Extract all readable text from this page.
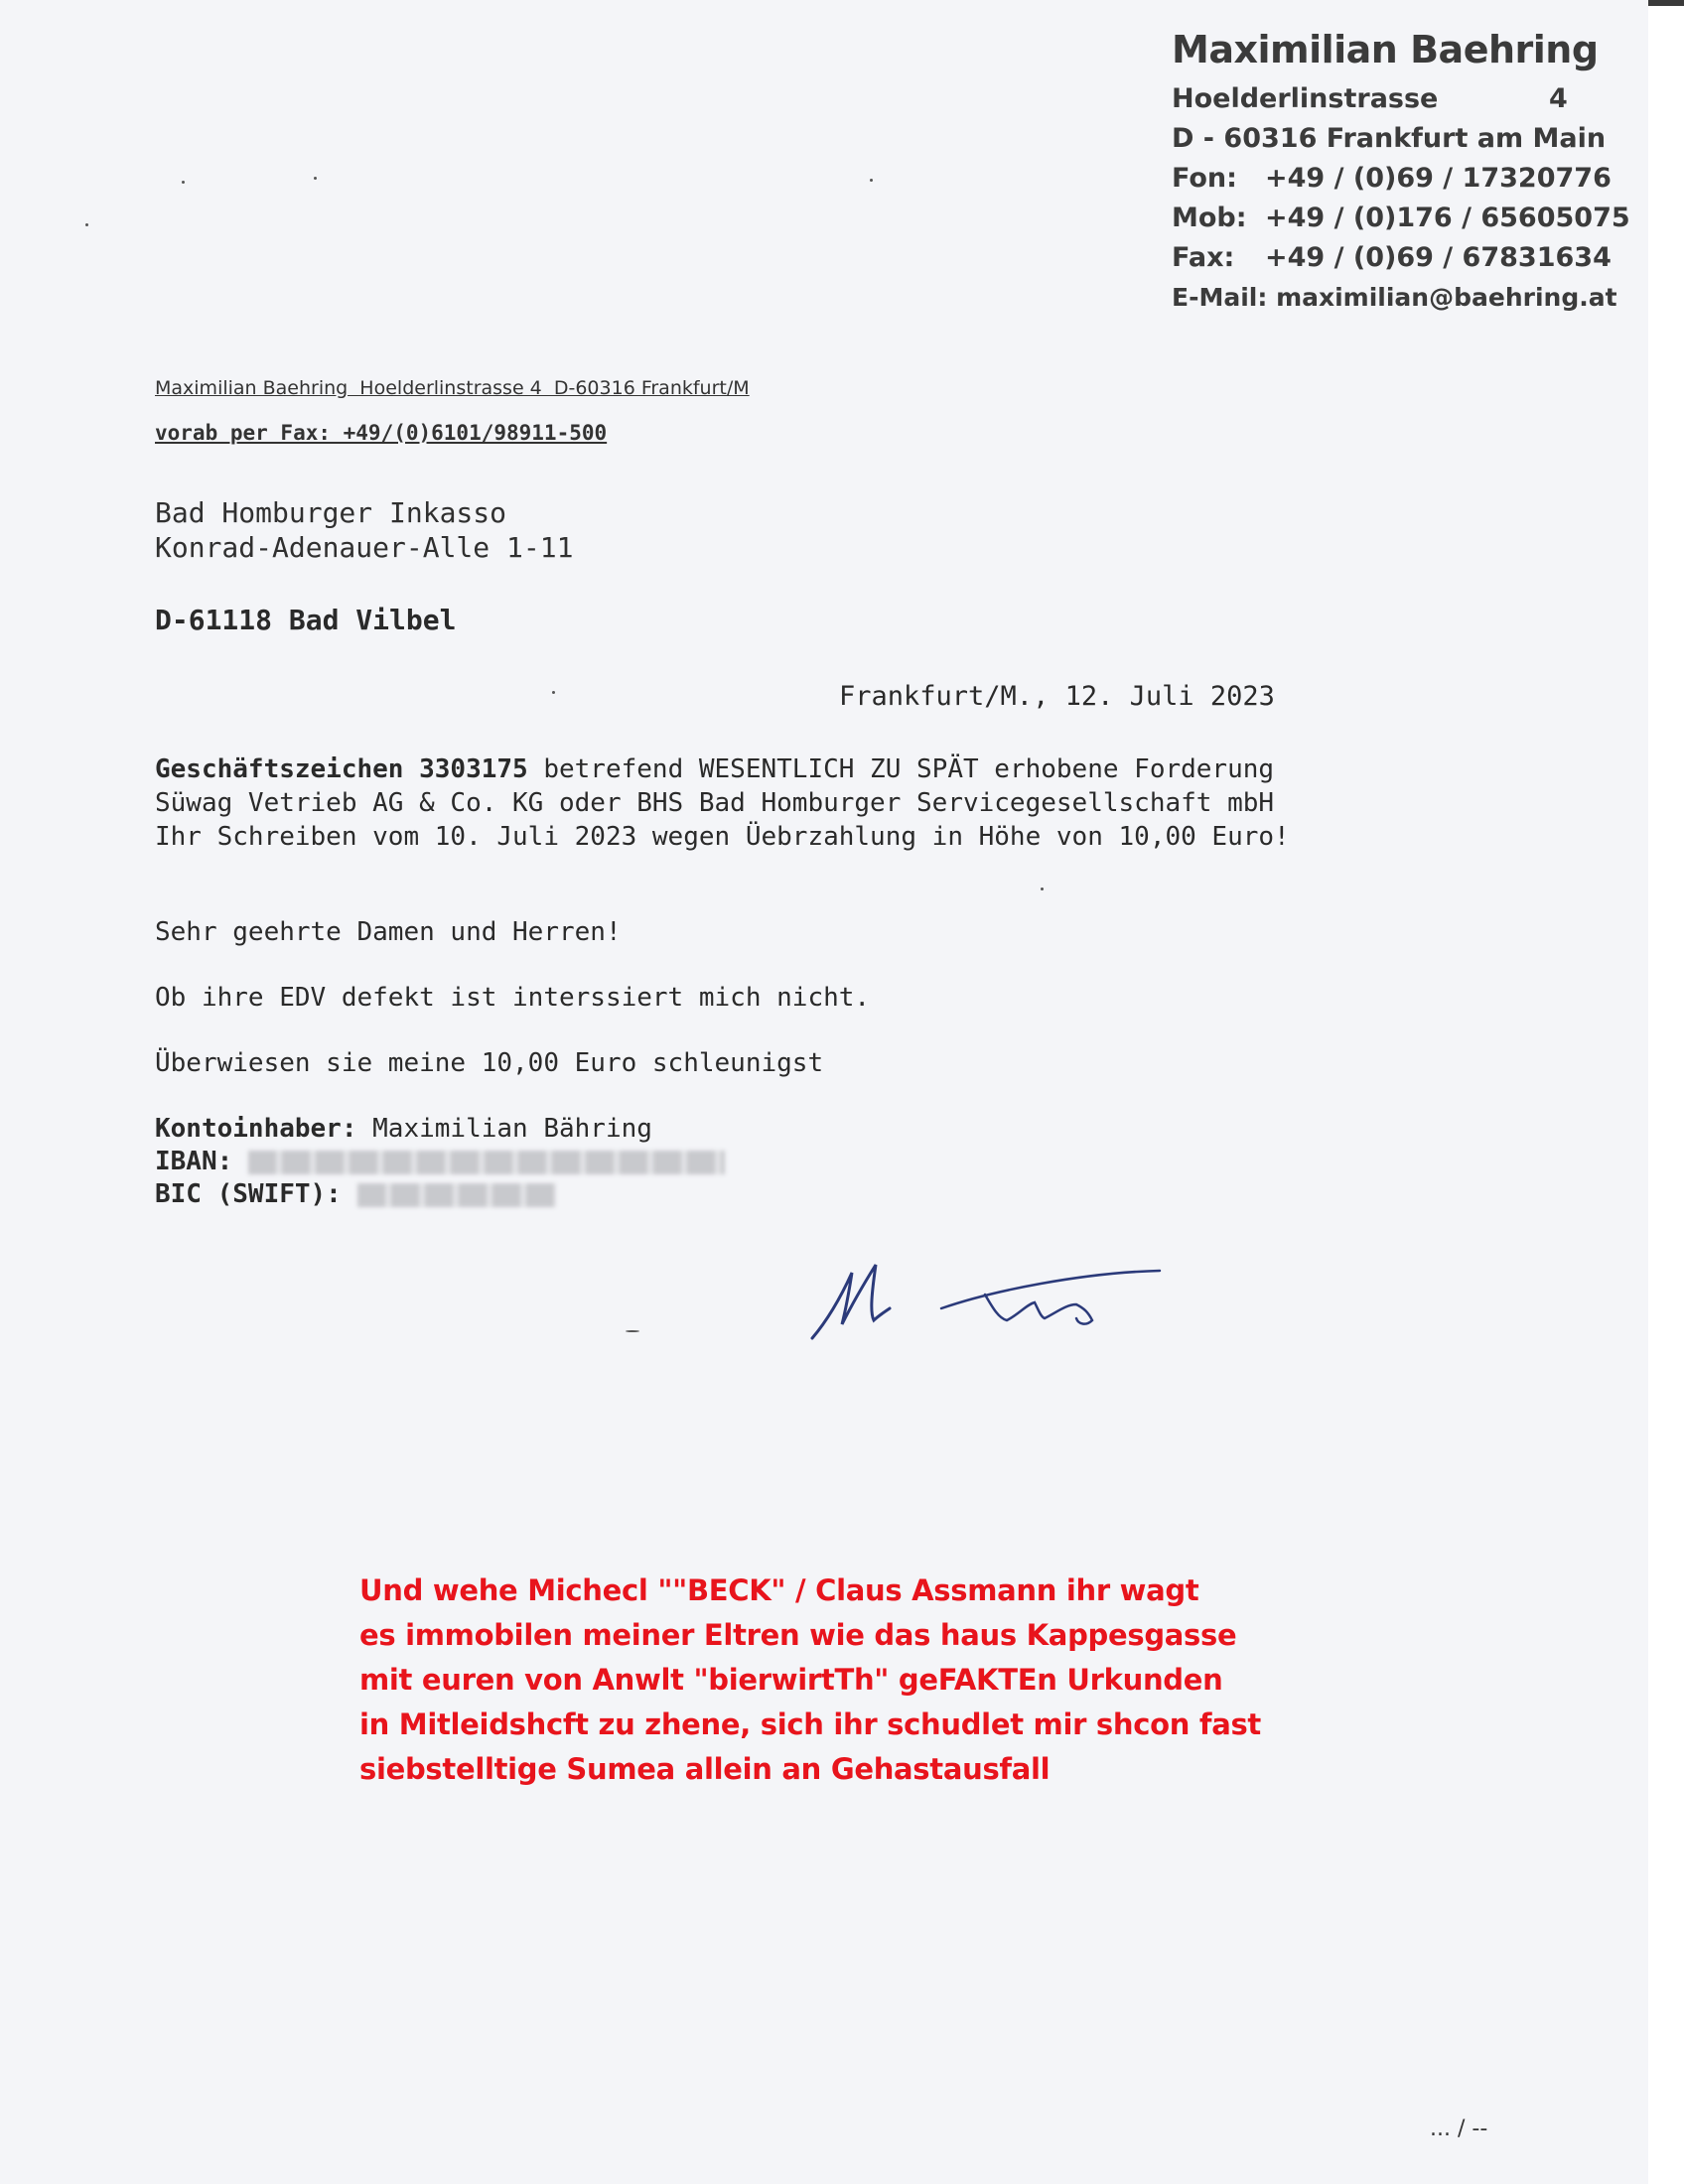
Maximilian Baehring
Hoelderlinstrasse	4
D - 60316 Frankfurt am Main
Fon: +49 / (0)69 / 17320776
Mob: +49 / (0)176 / 65605075
Fax: +49 / (0)69 / 67831634
E-Mail: maximilian@baehring.at
Maximilian Baehring  Hoelderlinstrasse 4  D-60316 Frankfurt/M
vorab per Fax: +49/(0)6101/98911-500
Bad Homburger Inkasso
Konrad-Adenauer-Alle 1-11
D-61118 Bad Vilbel
Frankfurt/M., 12. Juli 2023
Geschäftszeichen 3303175 betrefend WESENTLICH ZU SPÄT erhobene Forderung
Süwag Vetrieb AG & Co. KG oder BHS Bad Homburger Servicegesellschaft mbH
Ihr Schreiben vom 10. Juli 2023 wegen Üebrzahlung in Höhe von 10,00 Euro!
Sehr geehrte Damen und Herren!
Ob ihre EDV defekt ist interssiert mich nicht.
Überwiesen sie meine 10,00 Euro schleunigst
Kontoinhaber: Maximilian Bähring
IBAN:
BIC (SWIFT):
Und wehe Michecl ""BECK" / Claus Assmann ihr wagt
es immobilen meiner Eltren wie das haus Kappesgasse
mit euren von Anwlt "bierwirtTh" geFAKTEn Urkunden
in Mitleidshcft zu zhene, sich ihr schudlet mir shcon fast
siebstelltige Sumea allein an Gehastausfall
... / --
